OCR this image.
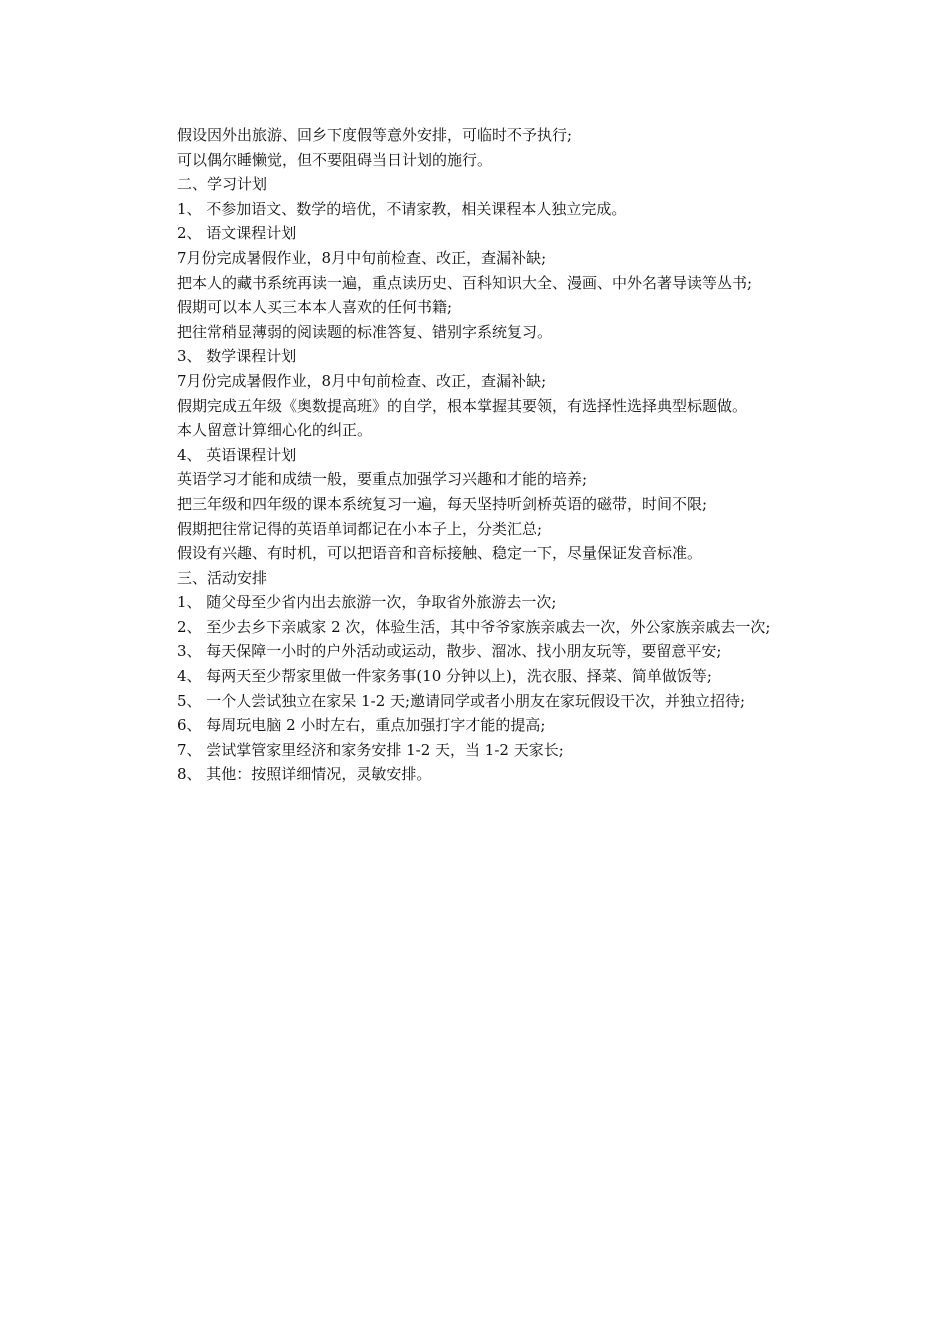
假设因外出旅游、回乡下度假等意外安排，可临时不予执行;

可以偶尔睡懒觉，但不要阻碍当日计划的施行。

二、学习计划

1、 不参加语文、数学的培优，不请家教，相关课程本人独立完成。

2、 语文课程计划

7月份完成暑假作业，8月中旬前检查、改正，查漏补缺;

把本人的藏书系统再读一遍，重点读历史、百科知识大全、漫画、中外名著导读等丛书;

假期可以本人买三本本人喜欢的任何书籍;

把往常稍显薄弱的阅读题的标准答复、错别字系统复习。

3、 数学课程计划

7月份完成暑假作业，8月中旬前检查、改正，查漏补缺;

假期完成五年级《奥数提高班》的自学，根本掌握其要领，有选择性选择典型标题做。

本人留意计算细心化的纠正。

4、 英语课程计划

英语学习才能和成绩一般，要重点加强学习兴趣和才能的培养;

把三年级和四年级的课本系统复习一遍，每天坚持听剑桥英语的磁带，时间不限;

假期把往常记得的英语单词都记在小本子上，分类汇总;

假设有兴趣、有时机，可以把语音和音标接触、稳定一下，尽量保证发音标准。

三、活动安排

1、 随父母至少省内出去旅游一次，争取省外旅游去一次;

2、 至少去乡下亲戚家 2 次，体验生活，其中爷爷家族亲戚去一次，外公家族亲戚去一次;

3、 每天保障一小时的户外活动或运动，散步、溜冰、找小朋友玩等，要留意平安;

4、 每两天至少帮家里做一件家务事(10 分钟以上)，洗衣服、择菜、简单做饭等;

5、 一个人尝试独立在家呆 1-2 天;邀请同学或者小朋友在家玩假设干次，并独立招待;

6、 每周玩电脑 2 小时左右，重点加强打字才能的提高;

7、 尝试掌管家里经济和家务安排 1-2 天，当 1-2 天家长;

8、 其他：按照详细情况，灵敏安排。
